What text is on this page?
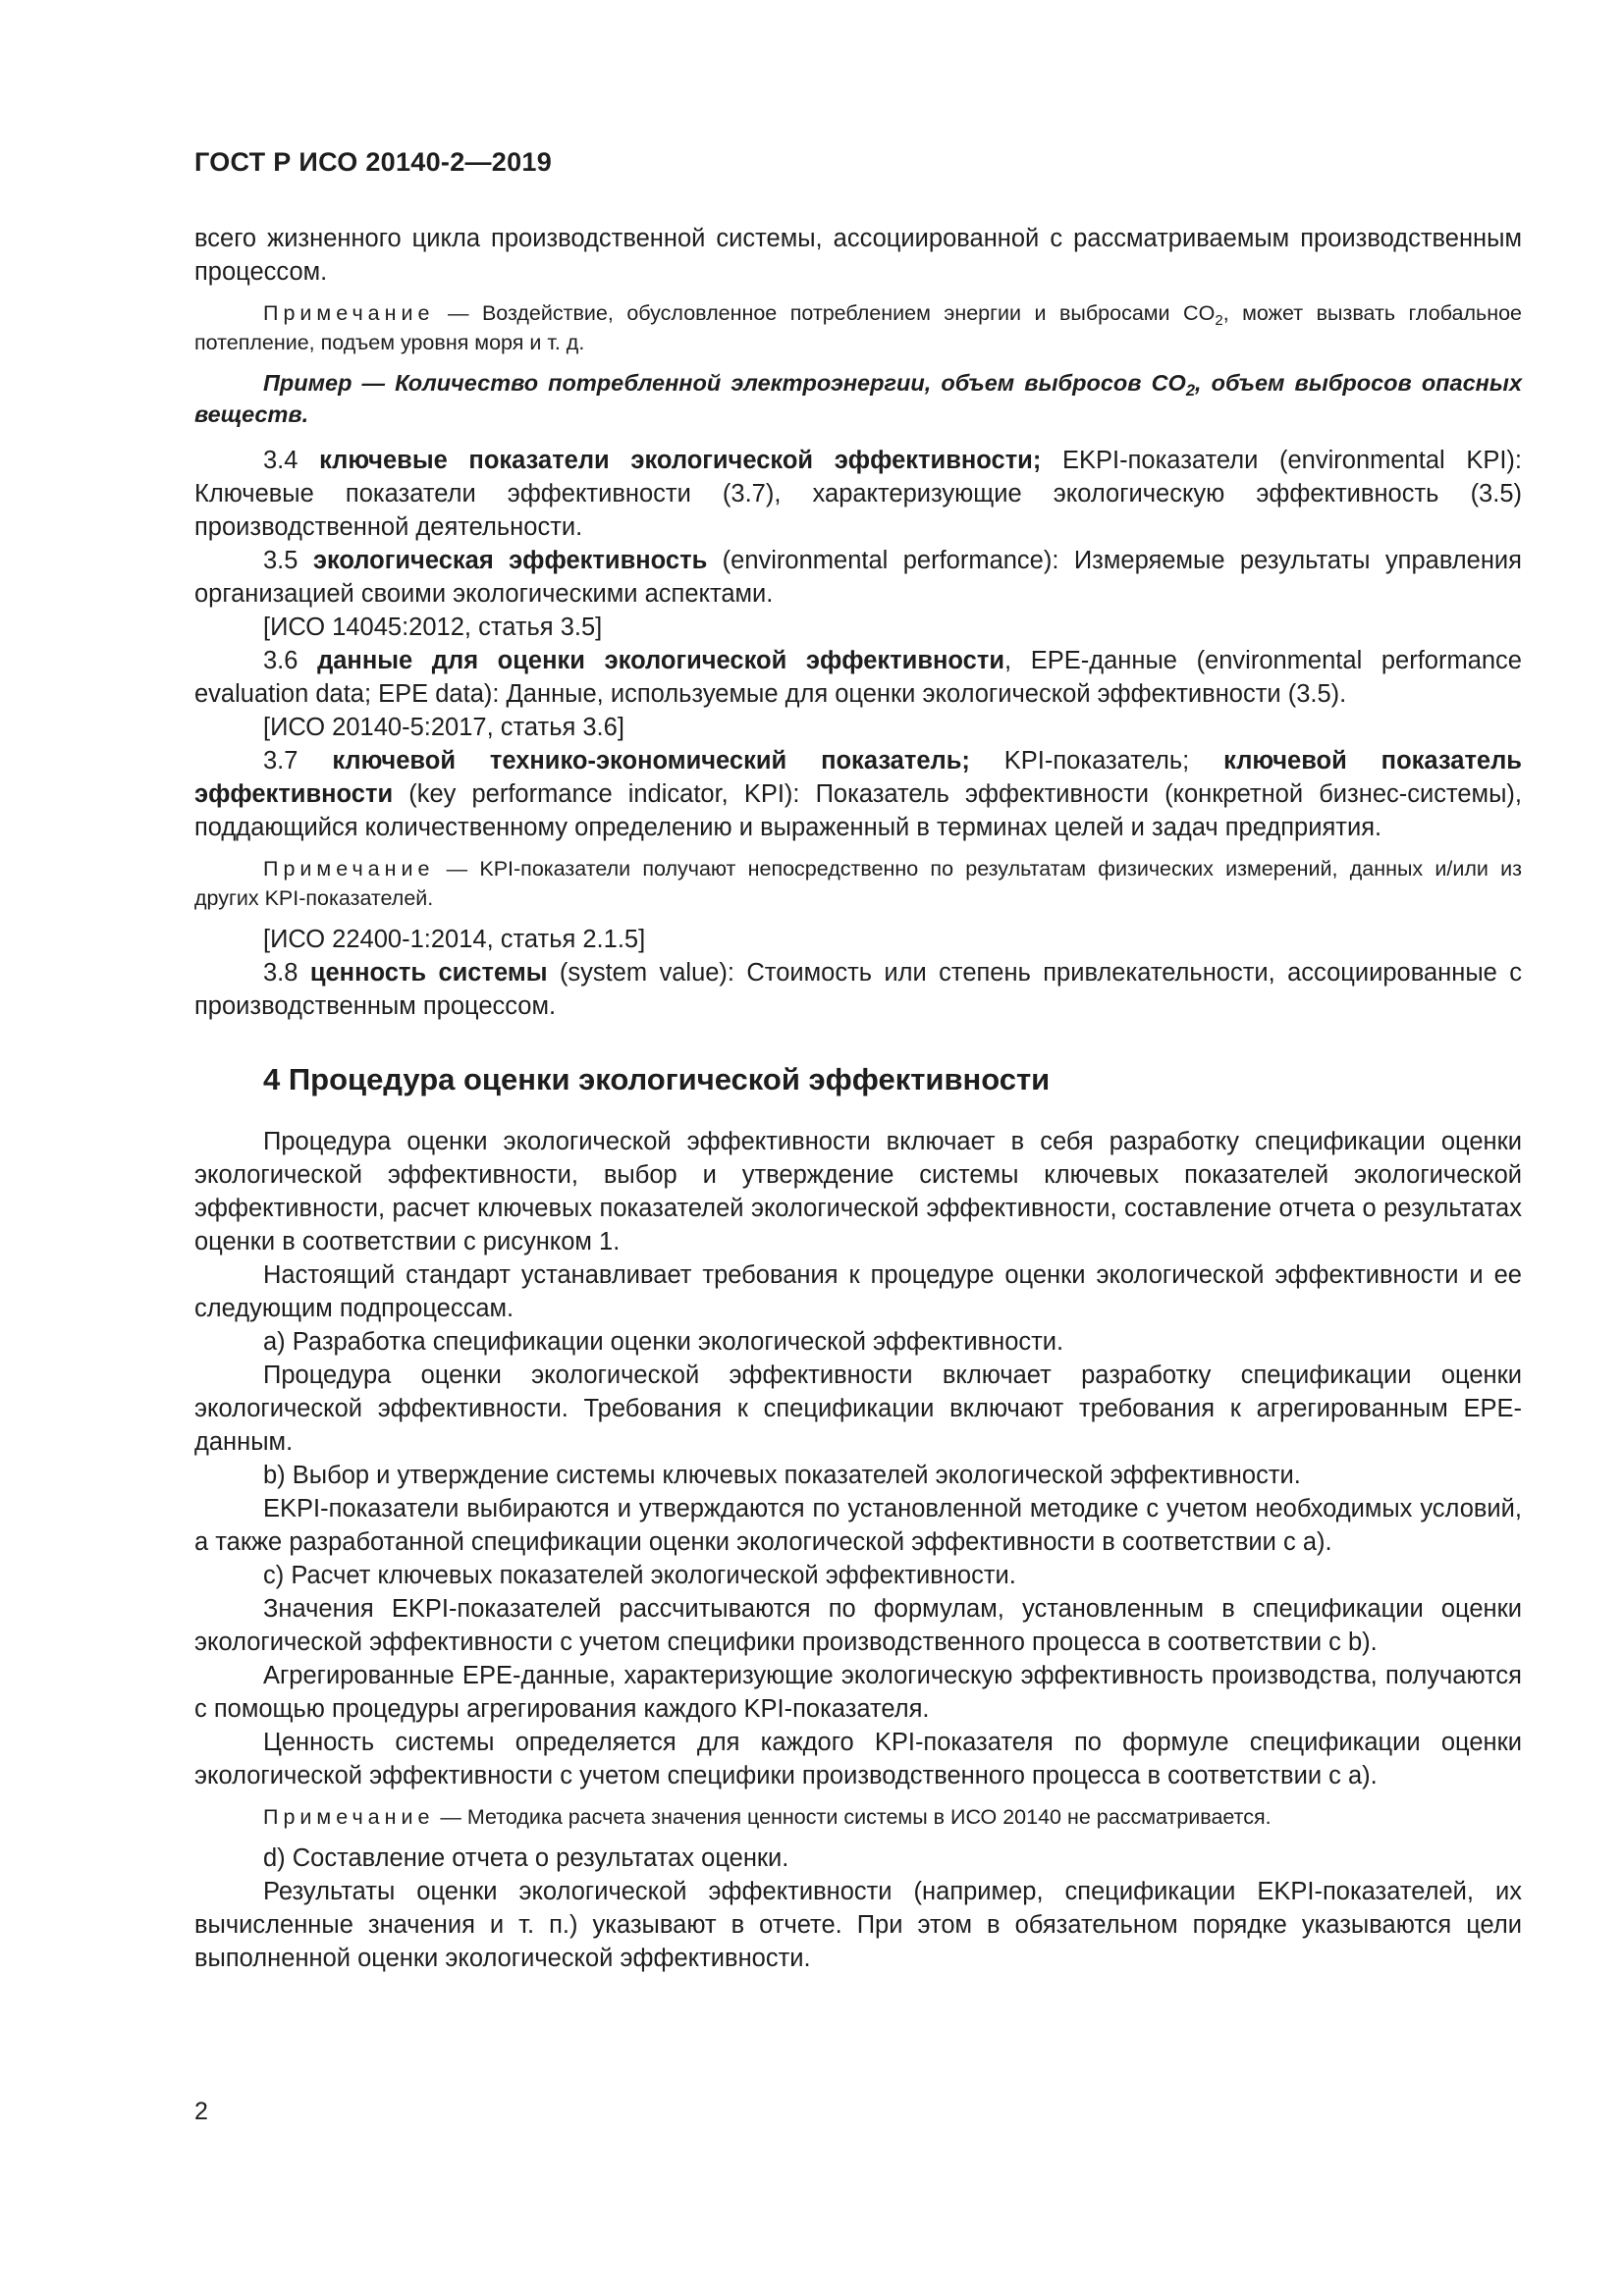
ГОСТ Р ИСО 20140-2—2019

всего жизненного цикла производственной системы, ассоциированной с рассматриваемым производственным процессом.

Примечание — Воздействие, обусловленное потреблением энергии и выбросами $CO_2$, может вызвать глобальное потепление, подъем уровня моря и т. д.

Пример — Количество потребленной электроэнергии, объем выбросов $CO_2$, объем выбросов опасных веществ.

3.4 ключевые показатели экологической эффективности; EKPI-показатели (environmental KPI): Ключевые показатели эффективности (3.7), характеризующие экологическую эффективность (3.5) производственной деятельности.

3.5 экологическая эффективность (environmental performance): Измеряемые результаты управления организацией своими экологическими аспектами.

[ИСО 14045:2012, статья 3.5]

3.6 данные для оценки экологической эффективности, EPE-данные (environmental performance evaluation data; EPE data): Данные, используемые для оценки экологической эффективности (3.5).

[ИСО 20140-5:2017, статья 3.6]

3.7 ключевой технико-экономический показатель; KPI-показатель; ключевой показатель эффективности (key performance indicator, KPI): Показатель эффективности (конкретной бизнес-системы), поддающийся количественному определению и выраженный в терминах целей и задач предприятия.

Примечание — KPI-показатели получают непосредственно по результатам физических измерений, данных и/или из других KPI-показателей.

[ИСО 22400-1:2014, статья 2.1.5]

3.8 ценность системы (system value): Стоимость или степень привлекательности, ассоциированные с производственным процессом.

4 Процедура оценки экологической эффективности

Процедура оценки экологической эффективности включает в себя разработку спецификации оценки экологической эффективности, выбор и утверждение системы ключевых показателей экологической эффективности, расчет ключевых показателей экологической эффективности, составление отчета о результатах оценки в соответствии с рисунком 1.

Настоящий стандарт устанавливает требования к процедуре оценки экологической эффективности и ее следующим подпроцессам.

a) Разработка спецификации оценки экологической эффективности.

Процедура оценки экологической эффективности включает разработку спецификации оценки экологической эффективности. Требования к спецификации включают требования к агрегированным EPE-данным.

b) Выбор и утверждение системы ключевых показателей экологической эффективности.

EKPI-показатели выбираются и утверждаются по установленной методике с учетом необходимых условий, а также разработанной спецификации оценки экологической эффективности в соответствии с a).

c) Расчет ключевых показателей экологической эффективности.

Значения EKPI-показателей рассчитываются по формулам, установленным в спецификации оценки экологической эффективности с учетом специфики производственного процесса в соответствии с b).

Агрегированные EPE-данные, характеризующие экологическую эффективность производства, получаются с помощью процедуры агрегирования каждого KPI-показателя.

Ценность системы определяется для каждого KPI-показателя по формуле спецификации оценки экологической эффективности с учетом специфики производственного процесса в соответствии с a).

Примечание — Методика расчета значения ценности системы в ИСО 20140 не рассматривается.

d) Составление отчета о результатах оценки.

Результаты оценки экологической эффективности (например, спецификации EKPI-показателей, их вычисленные значения и т. п.) указывают в отчете. При этом в обязательном порядке указываются цели выполненной оценки экологической эффективности.

2
